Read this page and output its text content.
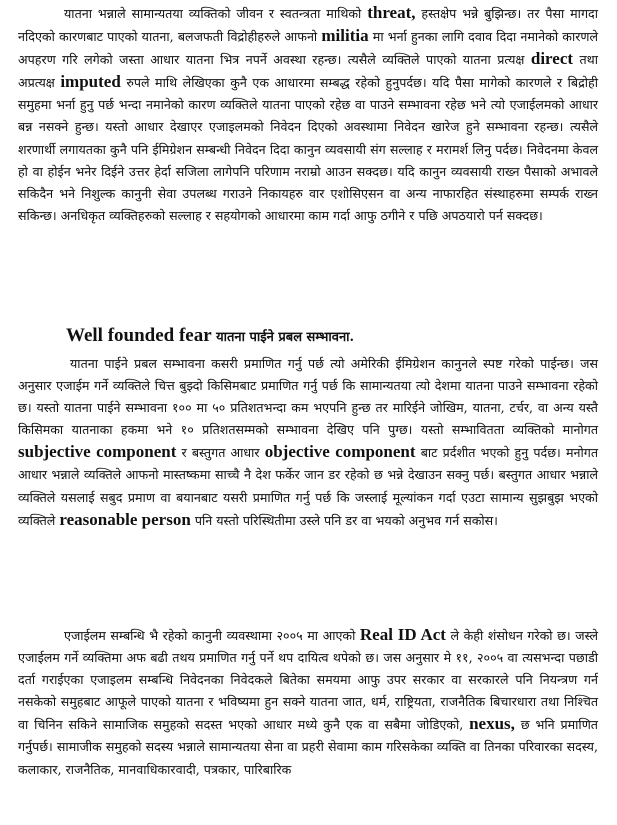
यातना भन्नाले सामान्यतया व्यक्तिको जीवन र स्वतन्त्रता माथिको threat, हस्तक्षेप भन्ने बुझिन्छ। तर पैसा मागदा नदिएको कारणबाट पाएको यातना, बलजफती विद्रोहीहरुले आफनो militia मा भर्ना हुनका लागि दवाव दिदा नमानेको कारणले अपहरण गरि लगेको जस्ता आधार यातना भित्र नपर्ने अवस्था रहन्छ। त्यसैले व्यक्तिले पाएको यातना प्रत्यक्ष direct तथा अप्रत्यक्ष imputed रुपले माथि लेखिएका कुनै एक आधारमा सम्बद्ध रहेको हुनुपर्दछ। यदि पैसा मागेको कारणले र बिद्रोही समुहमा भर्ना हुनु पर्छ भन्दा नमानेको कारण व्यक्तिले यातना पाएको रहेछ वा पाउने सम्भावना रहेछ भने त्यो एजाईलमको आधार बन्न नसक्ने हुन्छ। यस्तो आधार देखाएर एजाइलमको निवेदन दिएको अवस्थामा निवेदन खारेज हुने सम्भावना रहन्छ। त्यसैले शरणार्थी लगायतका कुनै पनि ईमिग्रेशन सम्बन्धी निवेदन दिदा कानुन व्यवसायी संग सल्लाह र मरामर्श लिनु पर्दछ। निवेदनमा केवल हो वा होईन भनेर दिईने उत्तर हेर्दा सजिला लागेपनि परिणाम नराम्रो आउन सक्दछ। यदि कानुन व्यवसायी राख्न पैसाको अभावले सकिदैन भने निशुल्क कानुनी सेवा उपलब्ध गराउने निकायहरु वार एशोसिएसन वा अन्य नाफारहित संस्थाहरुमा सम्पर्क राख्न सकिन्छ। अनधिकृत व्यक्तिहरुको सल्लाह र सहयोगको आधारमा काम गर्दा आफु ठगीने र पछि अपठयारो पर्न सक्दछ।

Well founded fear यातना पाईने प्रबल सम्भावना.

यातना पाईने प्रबल सम्भावना कसरी प्रमाणित गर्नु पर्छ त्यो अमेरिकी ईमिग्रेशन कानुनले स्पष्ट गरेको पाईन्छ। जस अनुसार एजाईम गर्ने व्यक्तिले चित्त बुझ्दो किसिमबाट प्रमाणित गर्नु पर्छ कि सामान्यतया त्यो देशमा यातना पाउने सम्भावना रहेको छ। यस्तो यातना पाईने सम्भावना १०० मा ५० प्रतिशतभन्दा कम भएपनि हुन्छ तर मारिईने जोखिम, यातना, टर्चर, वा अन्य यस्तै किसिमका यातनाका हकमा भने १० प्रतिशतसम्मको सम्भावना देखिए पनि पुग्छ। यस्तो सम्भावितता व्यक्तिको मानोगत subjective component र बस्तुगत आधार objective component बाट प्रर्दशीत भएको हुनु पर्दछ। मनोगत आधार भन्नाले व्यक्तिले आफनो मास्तष्कमा साच्चै नै देश फर्केर जान डर रहेको छ भन्ने देखाउन सक्नु पर्छ। बस्तुगत आधार भन्नाले व्यक्तिले यसलाई सबुद प्रमाण वा बयानबाट यसरी प्रमाणित गर्नु पर्छ कि जस्लाई मूल्यांकन गर्दा एउटा सामान्य सुझबुझ भएको व्यक्तिले reasonable person पनि यस्तो परिस्थितीमा उस्ले पनि डर वा भयको अनुभव गर्न सकोस।

एजाईलम सम्बन्धि भै रहेको कानुनी व्यवस्थामा २००५ मा आएको Real ID Act ले केही शंसोधन गरेको छ। जस्ले एजाईलम गर्ने व्यक्तिमा अफ बढी तथय प्रमाणित गर्नु पर्ने थप दायित्व थपेको छ। जस अनुसार मे ११, २००५ वा त्यसभन्दा पछाडी दर्ता गराईएका एजाइलम सम्बन्धि निवेदनका निवेदकले बितेका समयमा आफु उपर सरकार वा सरकारले पनि नियन्त्रण गर्न नसकेको समुहबाट आफूले पाएको यातना र भविष्यमा हुन सक्ने यातना जात, धर्म, राष्ट्रियता, राजनैतिक बिचारधारा तथा निश्चित वा चिनिन सकिने सामाजिक समुहको सदस्त भएको आधार मध्ये कुनै एक वा सबैमा जोडिएको, nexus, छ भनि प्रमाणित गर्नुपर्छ। सामाजीक समुहको सदस्य भन्नाले सामान्यतया सेना वा प्रहरी सेवामा काम गरिसकेका व्यक्ति वा तिनका परिवारका सदस्य, कलाकार, राजनैतिक, मानवाधिकारवादी, पत्रकार, पारिबारिक
